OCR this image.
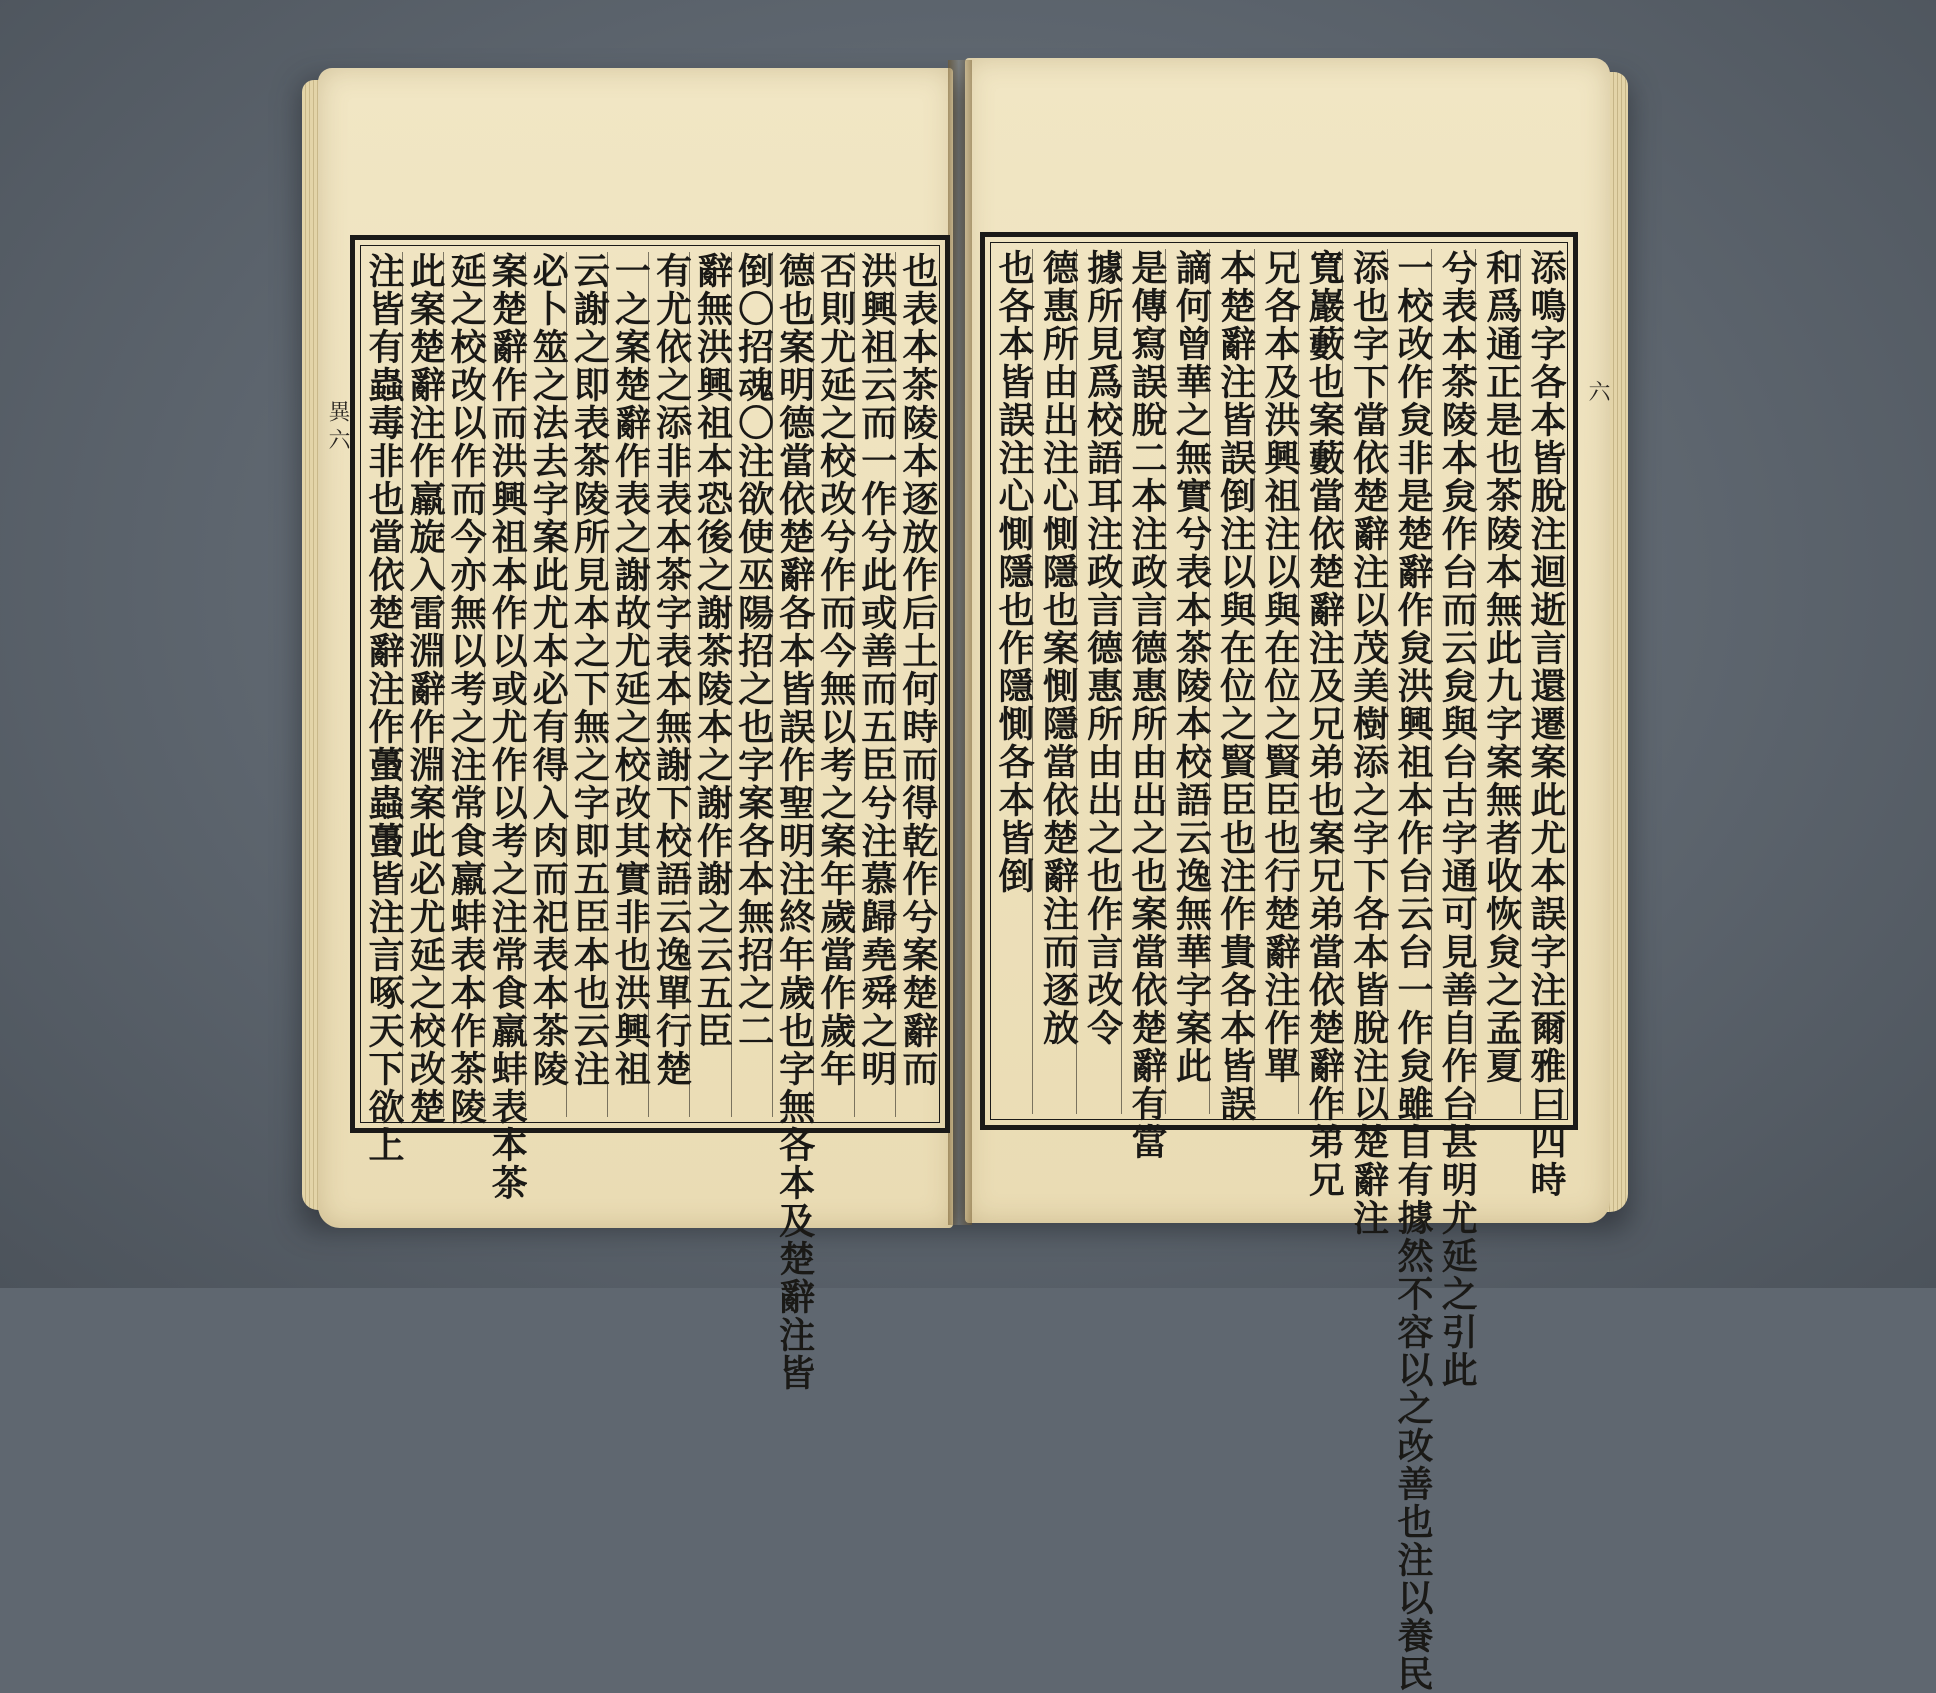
異六
六
也表本茶陵本逐放作后土何時而得乾作兮案楚辭而
洪興祖云而一作兮此或善而五臣兮注慕歸堯舜之明
否則尤延之校改兮作而今無以考之案年歲當作歲年
德也案明德當依楚辭各本皆誤作聖明注終年歲也字無各本及楚辭注皆
倒〇招魂〇注欲使巫陽招之也字案各本無招之二
辭無洪興祖本恐後之謝茶陵本之謝作謝之云五臣
有尤依之添非表本茶字表本無謝下校語云逸單行楚
一之案楚辭作表之謝故尤延之校改其實非也洪興祖
云謝之即表茶陵所見本之下無之字即五臣本也云注
必卜筮之法去字案此尤本必有得入肉而祀表本茶陵
案楚辭作而洪興祖本作以或尤作以考之注常食羸蚌表本茶
延之校改以作而今亦無以考之注常食羸蚌表本作茶陵
此案楚辭注作羸旋入雷淵辭作淵案此必尤延之校改楚
注皆有蟲毒非也當依楚辭注作蠆蟲蠆皆注言啄天下欲上	添鳴字各本皆脫注迴逝言還遷案此尤本誤字注爾雅曰四時
和爲通正是也茶陵本無此九字案無者收恢炱之孟夏
兮表本茶陵本炱作台而云炱與台古字通可見善自作台甚明尤延之引此
一校改作炱非是楚辭作炱洪興祖本作台云台一作炱雖自有據然不容以之改善也注以養民
添也字下當依楚辭注以茂美樹添之字下各本皆脫注以楚辭注
寬巖藪也案藪當依楚辭注及兄弟也案兄弟當依楚辭作弟兄
兄各本及洪興祖注以與在位之賢臣也行楚辭注作單
本楚辭注皆誤倒注以與在位之賢臣也注作貴各本皆誤
謫何曾華之無實兮表本茶陵本校語云逸無華字案此
是傳寫誤脫二本注政言德惠所由出之也案當依楚辭有當
據所見爲校語耳注政言德惠所由出之也作言改令
德惠所由出注心惻隱也案惻隱當依楚辭注而逐放
也各本皆誤注心惻隱也作隱惻各本皆倒
